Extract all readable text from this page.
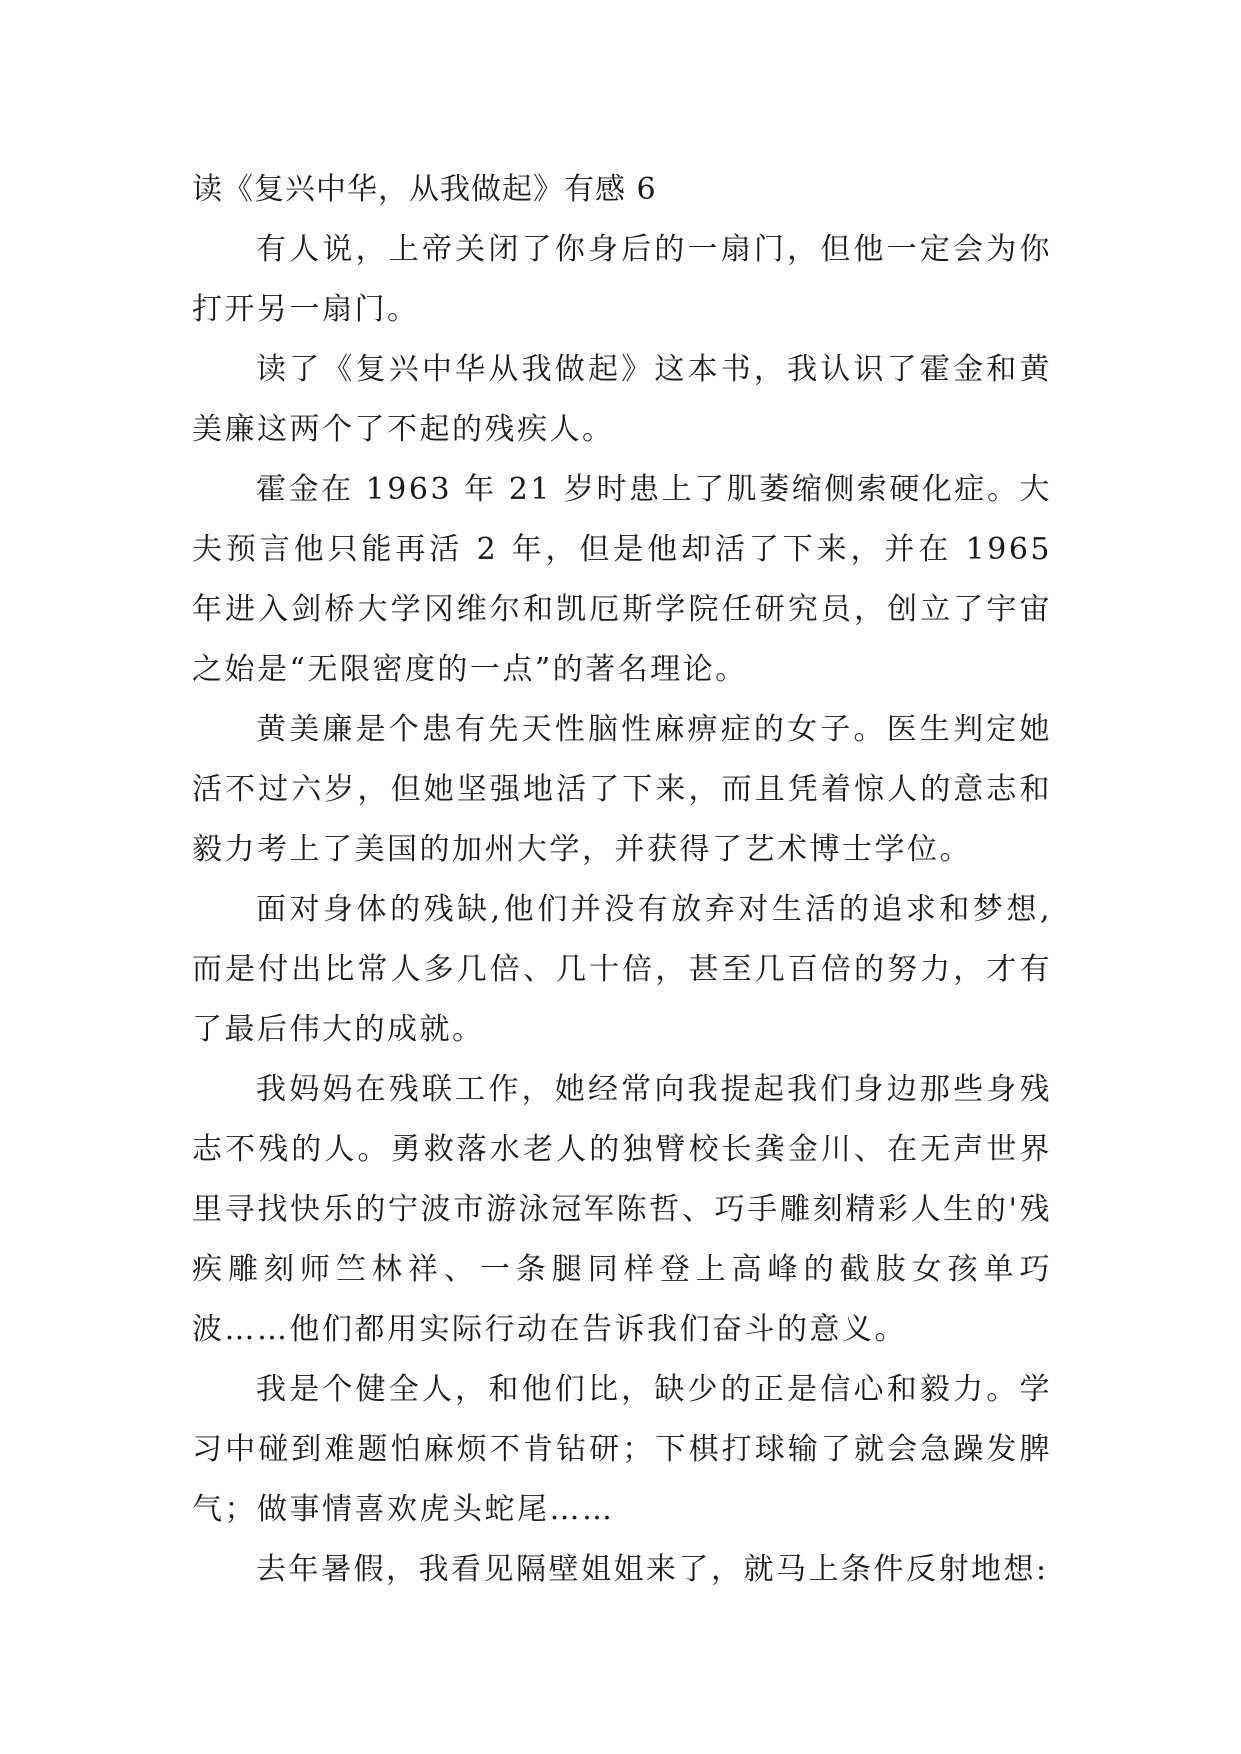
读《复兴中华，从我做起》有感 6

有人说，上帝关闭了你身后的一扇门，但他一定会为你打开另一扇门。

读了《复兴中华从我做起》这本书，我认识了霍金和黄美廉这两个了不起的残疾人。

霍金在 1963 年 21 岁时患上了肌萎缩侧索硬化症。大夫预言他只能再活 2 年，但是他却活了下来，并在 1965 年进入剑桥大学冈维尔和凯厄斯学院任研究员，创立了宇宙之始是“无限密度的一点”的著名理论。

黄美廉是个患有先天性脑性麻痹症的女子。医生判定她活不过六岁，但她坚强地活了下来，而且凭着惊人的意志和毅力考上了美国的加州大学，并获得了艺术博士学位。

面对身体的残缺,他们并没有放弃对生活的追求和梦想,而是付出比常人多几倍、几十倍，甚至几百倍的努力，才有了最后伟大的成就。

我妈妈在残联工作，她经常向我提起我们身边那些身残志不残的人。勇救落水老人的独臂校长龚金川、在无声世界里寻找快乐的宁波市游泳冠军陈哲、巧手雕刻精彩人生的'残疾雕刻师竺林祥、一条腿同样登上高峰的截肢女孩单巧波……他们都用实际行动在告诉我们奋斗的意义。

我是个健全人，和他们比，缺少的正是信心和毅力。学习中碰到难题怕麻烦不肯钻研；下棋打球输了就会急躁发脾气；做事情喜欢虎头蛇尾……

去年暑假，我看见隔壁姐姐来了，就马上条件反射地想:
